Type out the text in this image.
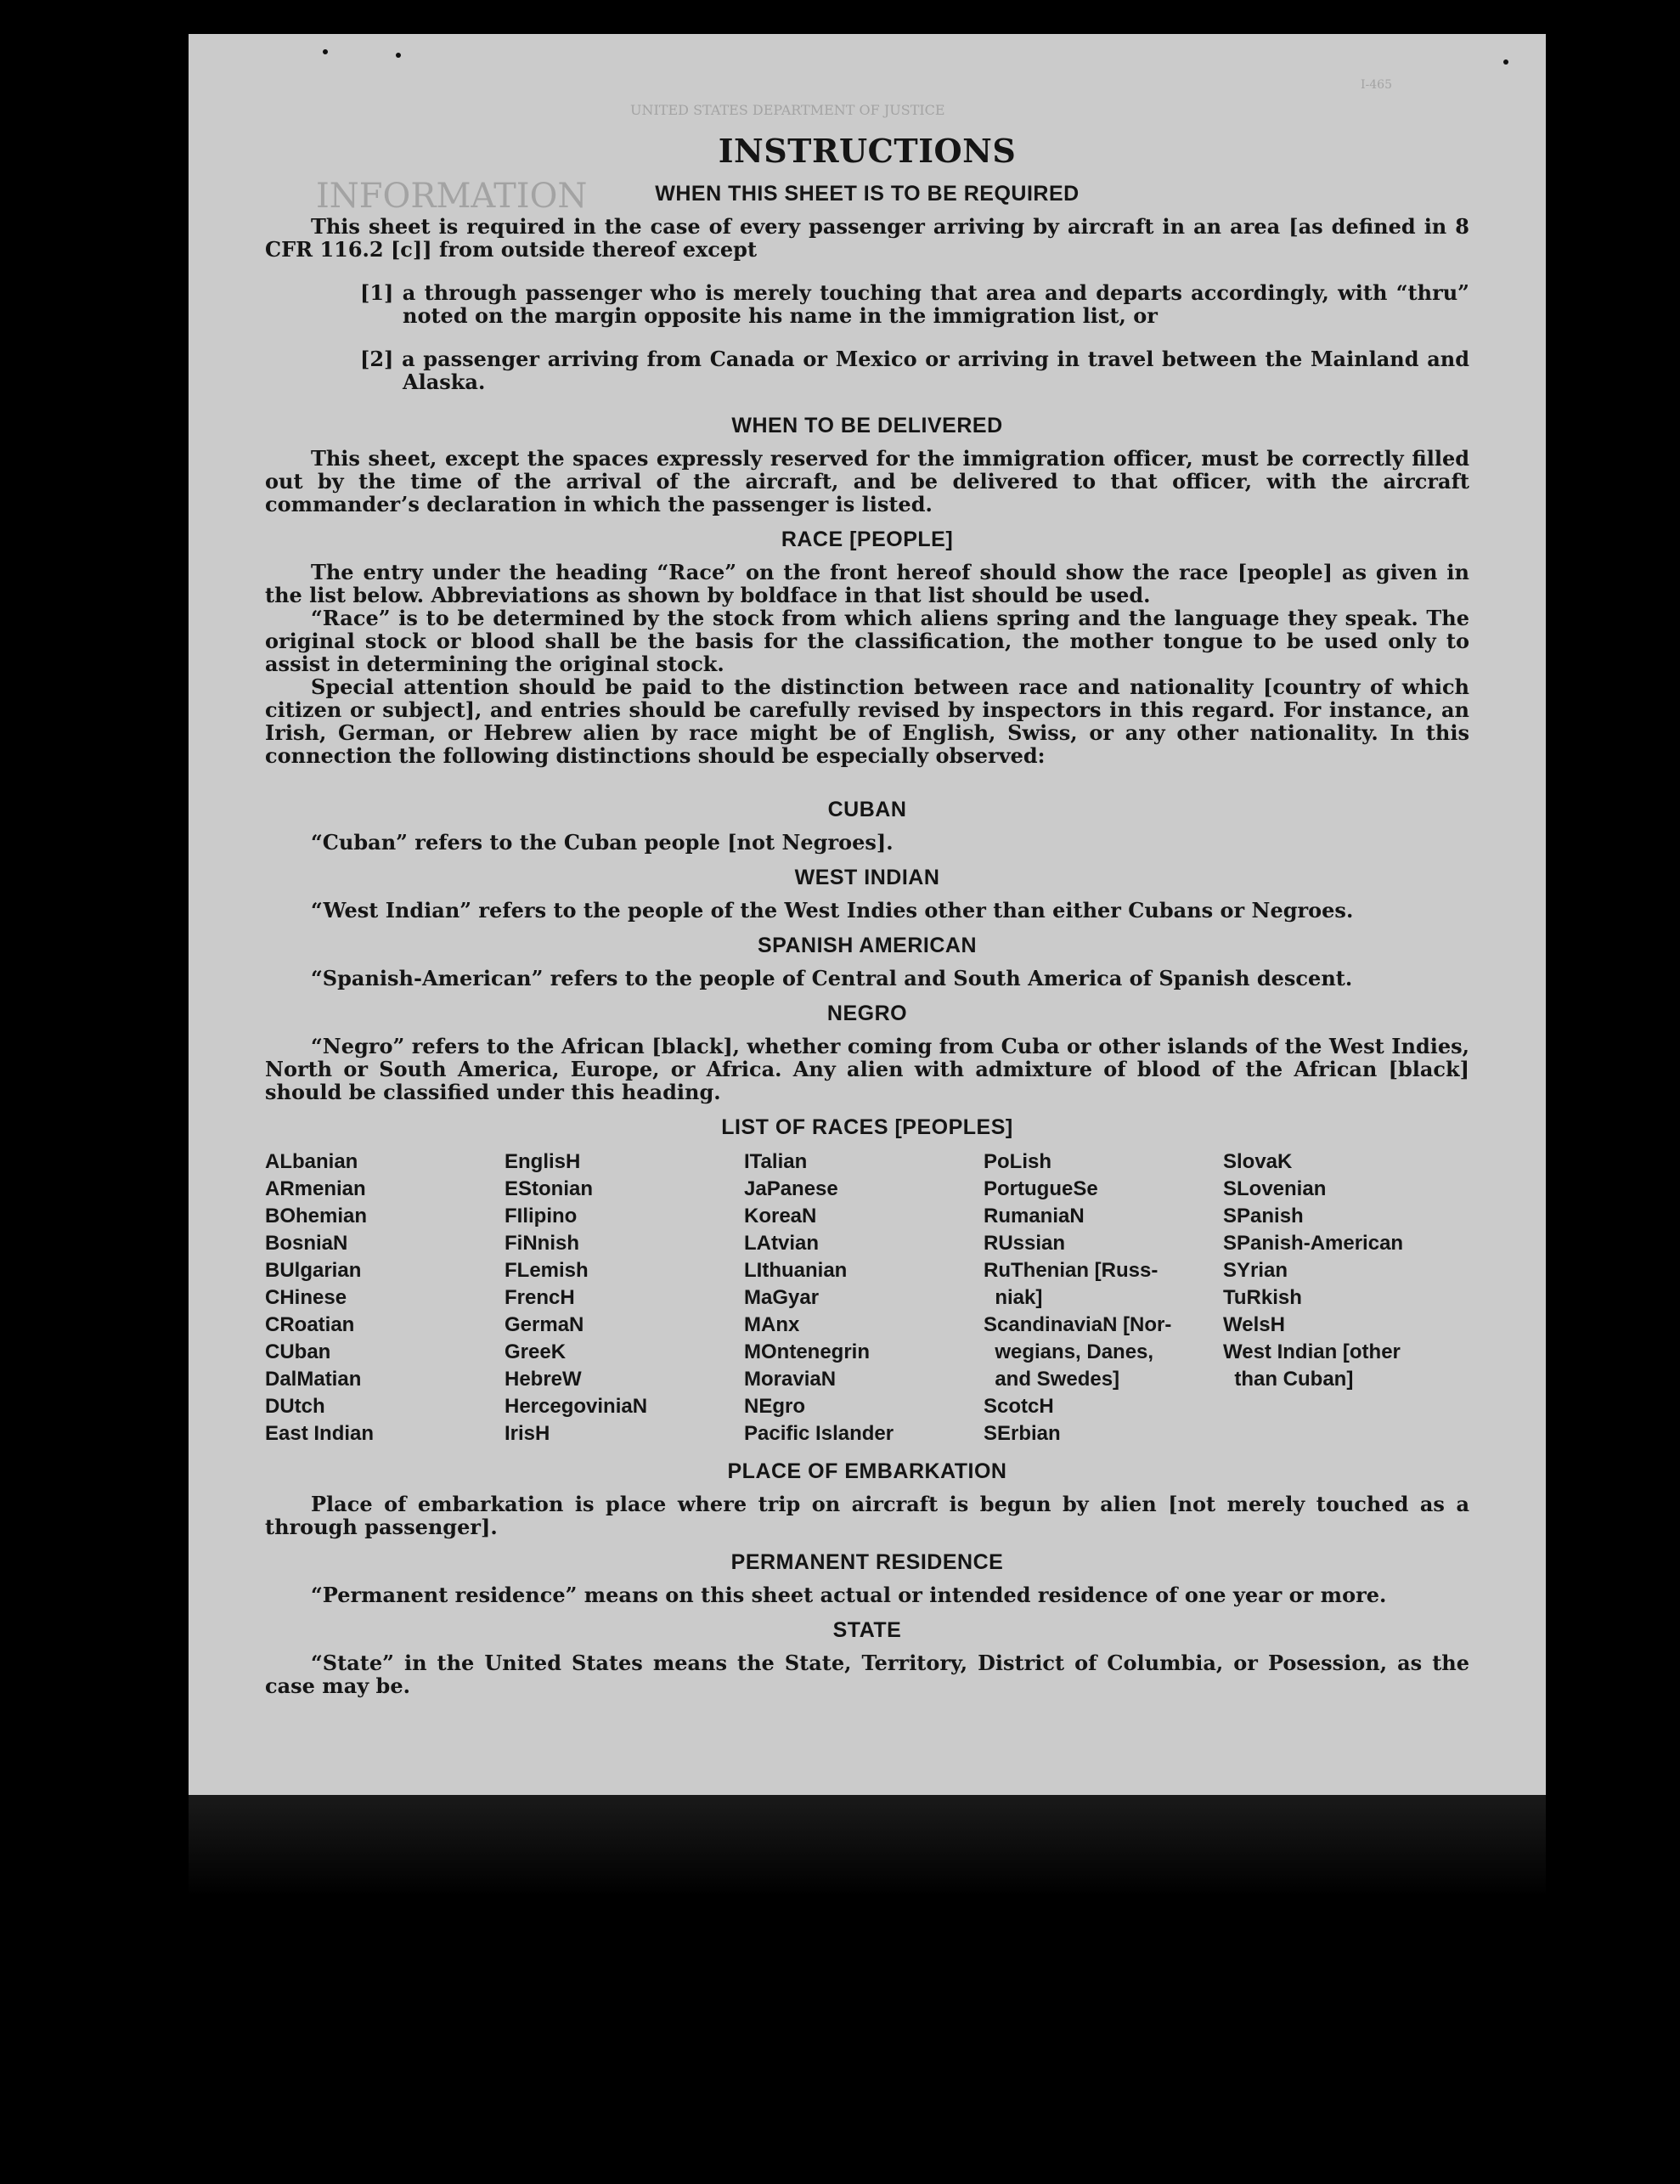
I-465
UNITED STATES DEPARTMENT OF JUSTICE
INFORMATION
INSTRUCTIONS
WHEN THIS SHEET IS TO BE REQUIRED

This sheet is required in the case of every passenger arriving by aircraft in an area [as defined in 8 CFR 116.2 [c]] from outside thereof except

[1] a through passenger who is merely touching that area and departs accordingly, with “thru” noted on the margin opposite his name in the immigration list, or

[2] a passenger arriving from Canada or Mexico or arriving in travel between the Mainland and Alaska.

WHEN TO BE DELIVERED

This sheet, except the spaces expressly reserved for the immigration officer, must be correctly filled out by the time of the arrival of the aircraft, and be delivered to that officer, with the aircraft commander’s declaration in which the passenger is listed.

RACE [PEOPLE]

The entry under the heading “Race” on the front hereof should show the race [people] as given in the list below. Abbreviations as shown by boldface in that list should be used.

“Race” is to be determined by the stock from which aliens spring and the language they speak. The original stock or blood shall be the basis for the classification, the mother tongue to be used only to assist in determining the original stock.

Special attention should be paid to the distinction between race and nationality [country of which citizen or subject], and entries should be carefully revised by inspectors in this regard. For instance, an Irish, German, or Hebrew alien by race might be of English, Swiss, or any other nationality. In this connection the following distinctions should be especially observed:

CUBAN

“Cuban” refers to the Cuban people [not Negroes].

WEST INDIAN

“West Indian” refers to the people of the West Indies other than either Cubans or Negroes.

SPANISH AMERICAN

“Spanish-American” refers to the people of Central and South America of Spanish descent.

NEGRO

“Negro” refers to the African [black], whether coming from Cuba or other islands of the West Indies, North or South America, Europe, or Africa. Any alien with admixture of blood of the African [black] should be classified under this heading.

LIST OF RACES [PEOPLES]
ALbanian
ARmenian
BOhemian
BosniaN
BUlgarian
CHinese
CRoatian
CUban
DalMatian
DUtch
East Indian
EnglisH
EStonian
FIlipino
FiNnish
FLemish
FrencH
GermaN
GreeK
HebreW
HercegoviniaN
IrisH
ITalian
JaPanese
KoreaN
LAtvian
LIthuanian
MaGyar
MAnx
MOntenegrin
MoraviaN
NEgro
Pacific Islander
PoLish
PortugueSe
RumaniaN
RUssian
RuThenian [Russ-
niak]
ScandinaviaN [Nor-
wegians, Danes,
and Swedes]
ScotcH
SErbian
SlovaK
SLovenian
SPanish
SPanish-American
SYrian
TuRkish
WelsH
West Indian [other
than Cuban]
PLACE OF EMBARKATION

Place of embarkation is place where trip on aircraft is begun by alien [not merely touched as a through passenger].

PERMANENT RESIDENCE

“Permanent residence” means on this sheet actual or intended residence of one year or more.

STATE

“State” in the United States means the State, Territory, District of Columbia, or Posession, as the case may be.
